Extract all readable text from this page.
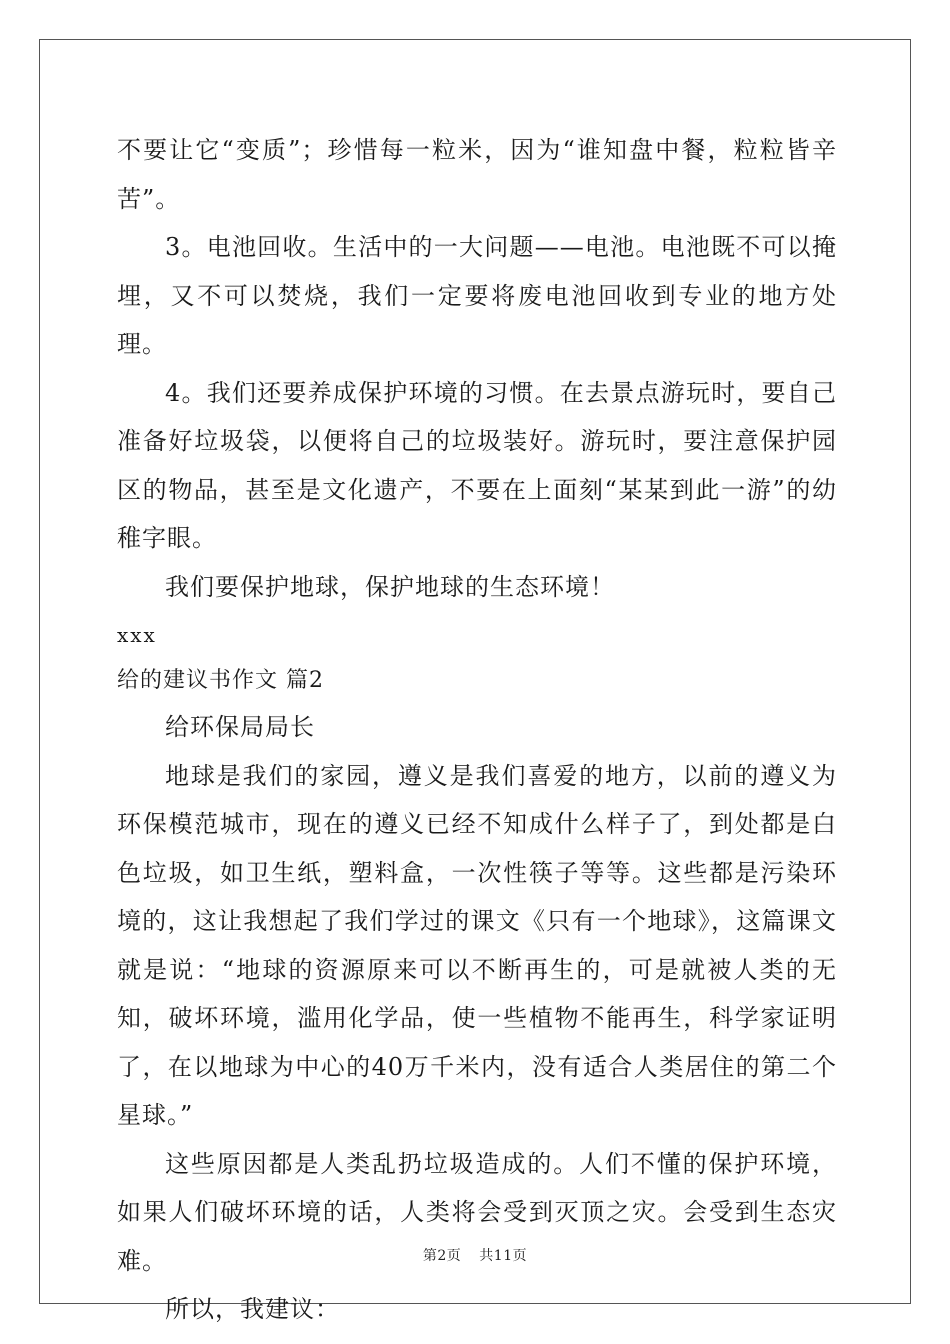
不要让它“变质”；珍惜每一粒米，因为“谁知盘中餐，粒粒皆辛苦”。

3。电池回收。生活中的一大问题——电池。电池既不可以掩埋，又不可以焚烧，我们一定要将废电池回收到专业的地方处理。

4。我们还要养成保护环境的习惯。在去景点游玩时，要自己准备好垃圾袋，以便将自己的垃圾装好。游玩时，要注意保护园区的物品，甚至是文化遗产，不要在上面刻“某某到此一游”的幼稚字眼。

我们要保护地球，保护地球的生态环境！

xxx

给的建议书作文 篇2

给环保局局长

地球是我们的家园，遵义是我们喜爱的地方，以前的遵义为环保模范城市，现在的遵义已经不知成什么样子了，到处都是白色垃圾，如卫生纸，塑料盒，一次性筷子等等。这些都是污染环境的，这让我想起了我们学过的课文《只有一个地球》，这篇课文就是说：“地球的资源原来可以不断再生的，可是就被人类的无知，破坏环境，滥用化学品，使一些植物不能再生，科学家证明了，在以地球为中心的40万千米内，没有适合人类居住的第二个星球。”

这些原因都是人类乱扔垃圾造成的。人们不懂的保护环境，如果人们破坏环境的话，人类将会受到灭顶之灾。会受到生态灾难。

所以，我建议：

第2页 共11页
